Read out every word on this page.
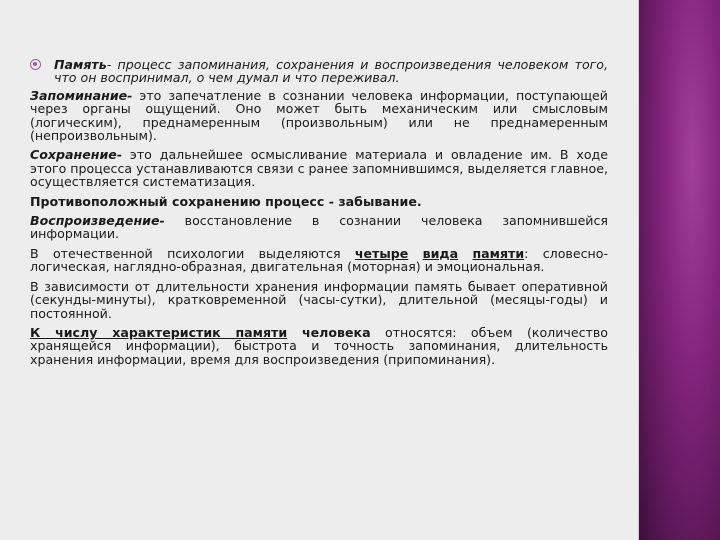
Память- процесс запоминания, сохранения и воспроизведения человеком того, что он воспринимал, о чем думал и что переживал.

Запоминание- это запечатление в сознании человека информации, поступающей через органы ощущений. Оно может быть механическим или смысловым (логическим), преднамеренным (произвольным) или не преднамеренным (непроизвольным).

Сохранение- это дальнейшее осмысливание материала и овладение им. В ходе этого процесса устанавливаются связи с ранее запомнившимся, выделяется главное, осуществляется систематизация.

Противоположный сохранению процесс - забывание.

Воспроизведение- восстановление в сознании человека запомнившейся информации.

В отечественной психологии выделяются четыре вида памяти: словесно-логическая, наглядно-образная, двигательная (моторная) и эмоциональная.

В зависимости от длительности хранения информации память бывает оперативной (секунды-минуты), кратковременной (часы-сутки), длительной (месяцы-годы) и постоянной.

К числу характеристик памяти человека относятся: объем (количество хранящейся информации), быстрота и точность запоминания, длительность хранения информации, время для воспроизведения (припоминания).
